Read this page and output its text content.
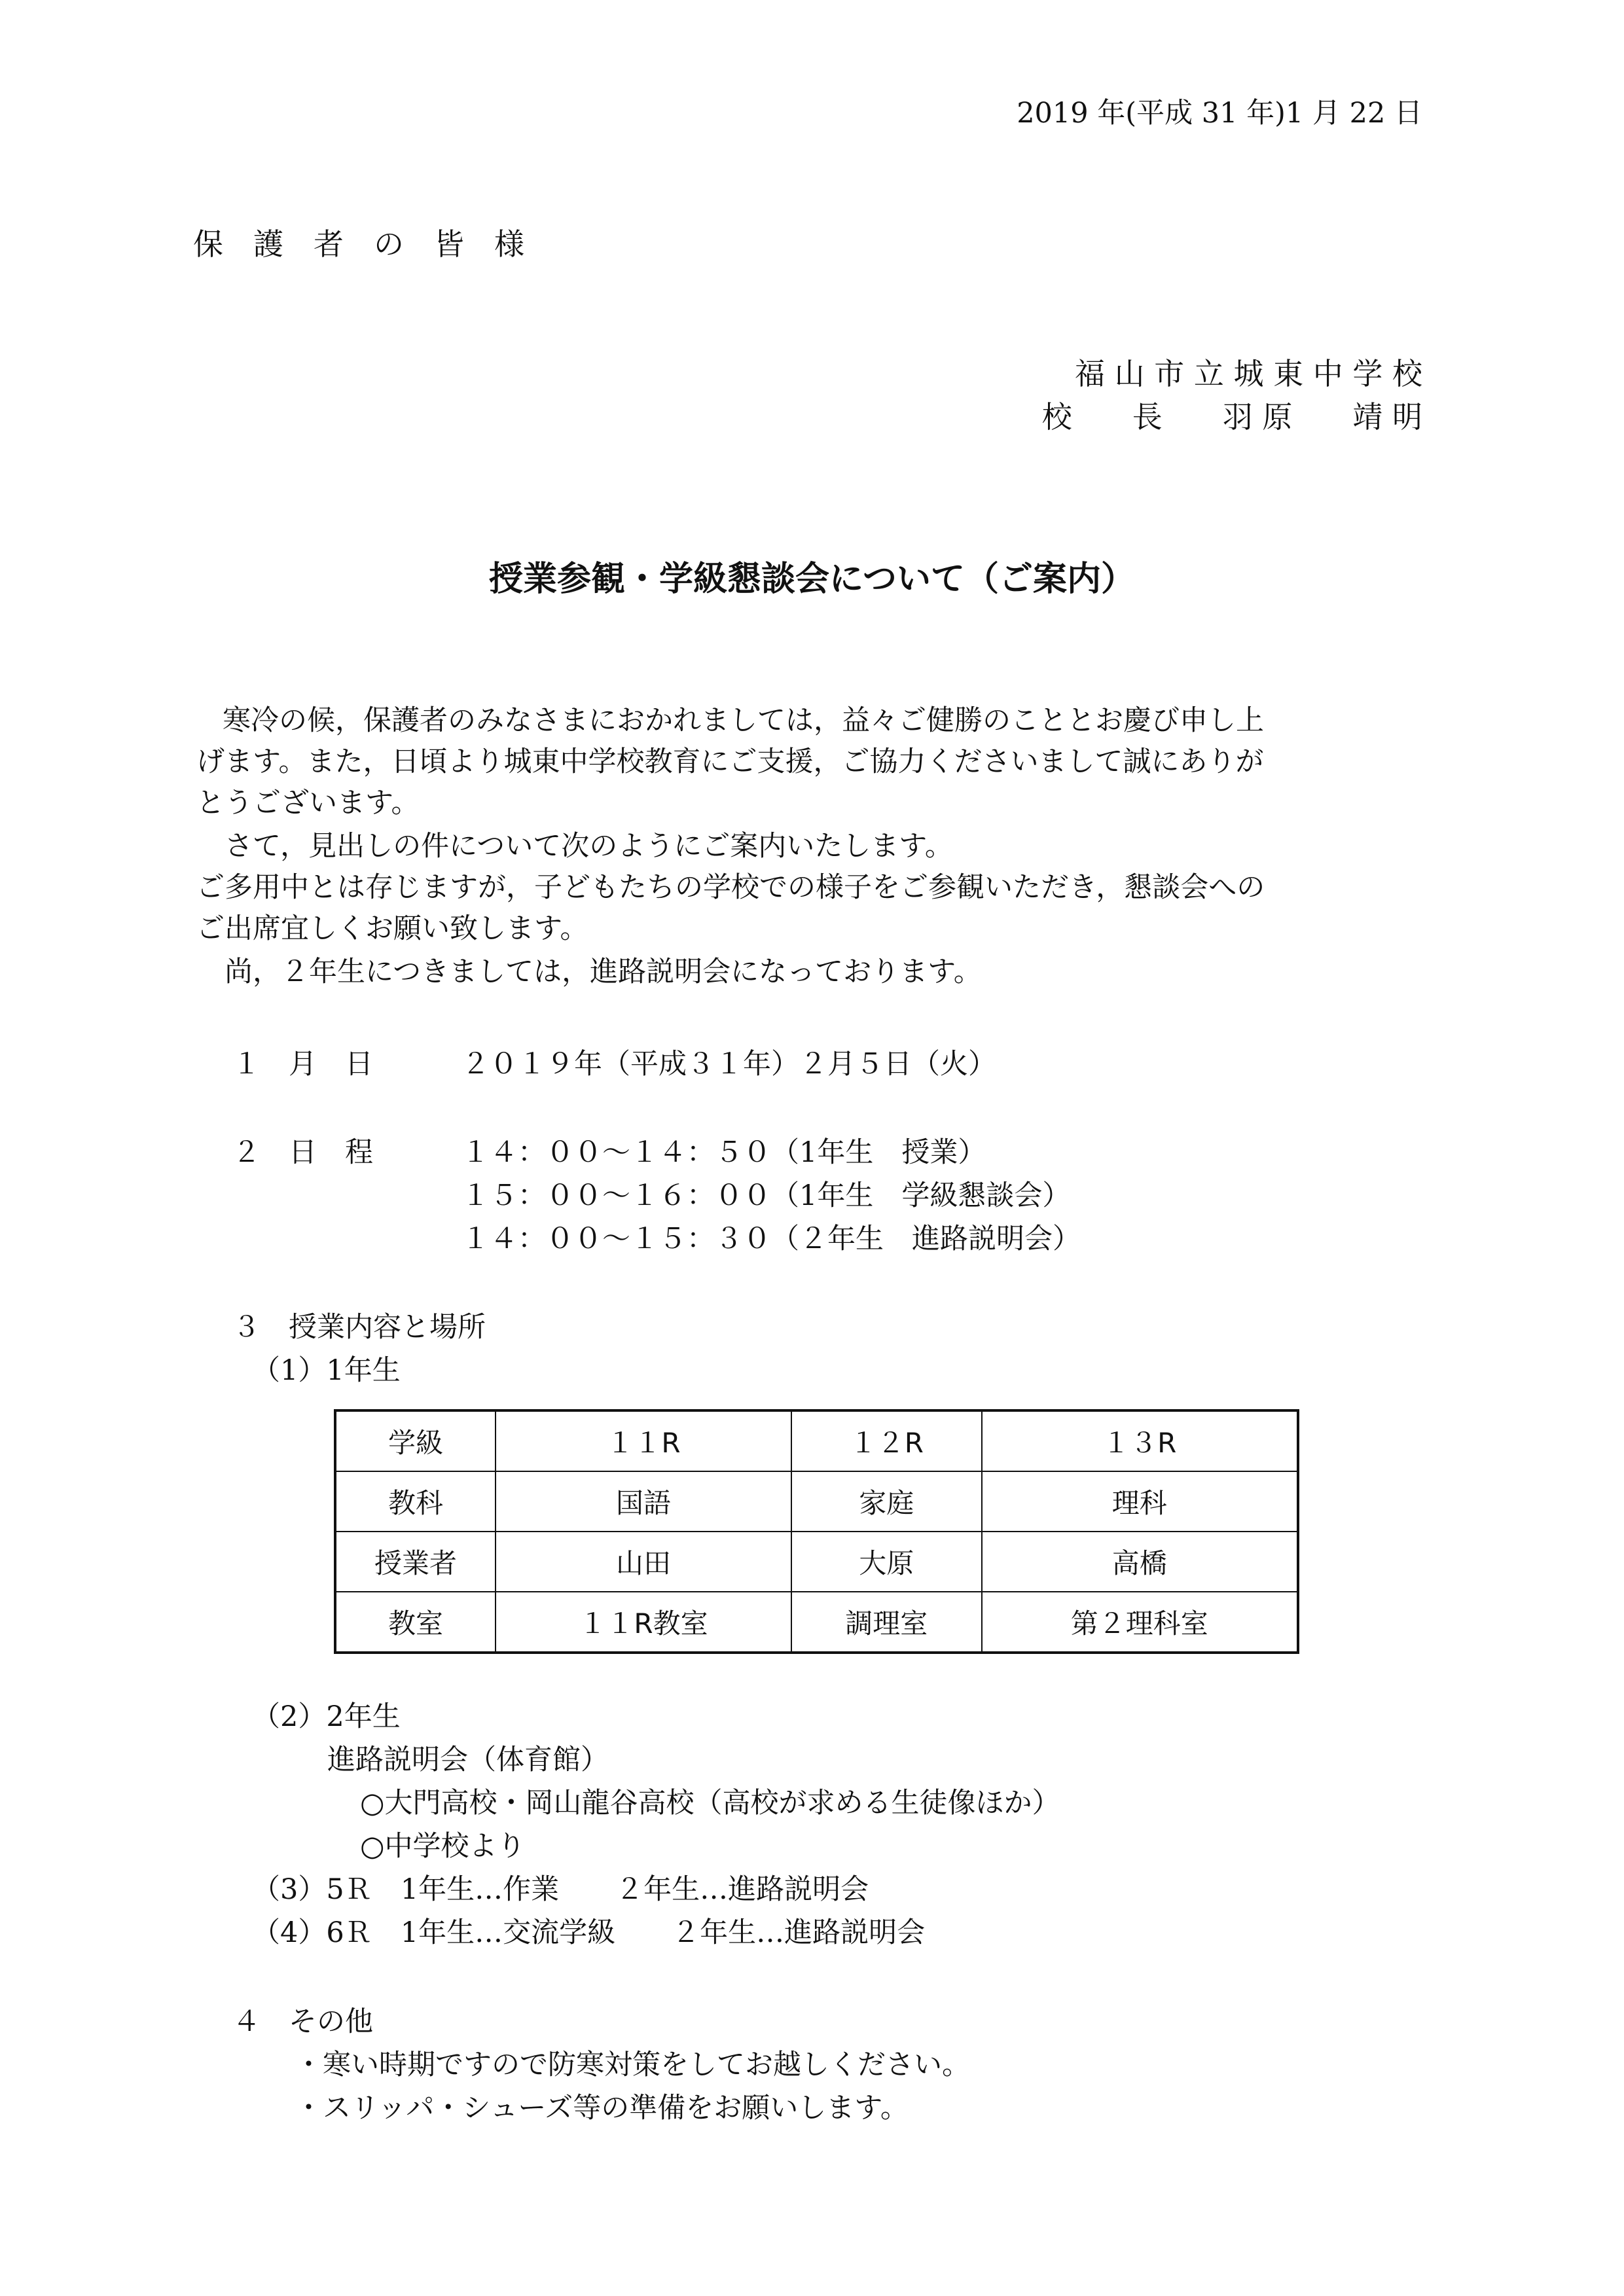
2019 年(平成 31 年)1 月 22 日
保　護　者　の　皆　様
福 山 市 立 城 東 中 学 校
校　　長　　羽 原　　靖 明
授業参観・学級懇談会について（ご案内）
寒冷の候，保護者のみなさまにおかれましては，益々ご健勝のこととお慶び申し上
げます。また，日頃より城東中学校教育にご支援，ご協力くださいまして誠にありが
とうございます。
　さて，見出しの件について次のようにご案内いたします。
ご多用中とは存じますが，子どもたちの学校での様子をご参観いただき，懇談会への
ご出席宜しくお願い致します。
　尚，２年生につきましては，進路説明会になっております。
１　月　日	２０１９年（平成３１年）２月５日（火）
２　日　程	１４：００～１４：５０（1年生　授業）
１５：００～１６：００（1年生　学級懇談会）
１４：００～１５：３０（２年生　進路説明会）
３　授業内容と場所
（1）1年生
学級	１１R	１２R	１３R
教科	国語	家庭	理科
授業者	山田	大原	高橋
教室	１１R教室	調理室	第２理科室
（2）2年生
進路説明会（体育館）
○大門高校・岡山龍谷高校（高校が求める生徒像ほか）
○中学校より
（3）5Ｒ　1年生…作業　　２年生…進路説明会
（4）6Ｒ　1年生…交流学級　　２年生…進路説明会
４　その他
・寒い時期ですので防寒対策をしてお越しください。
・スリッパ・シューズ等の準備をお願いします。
